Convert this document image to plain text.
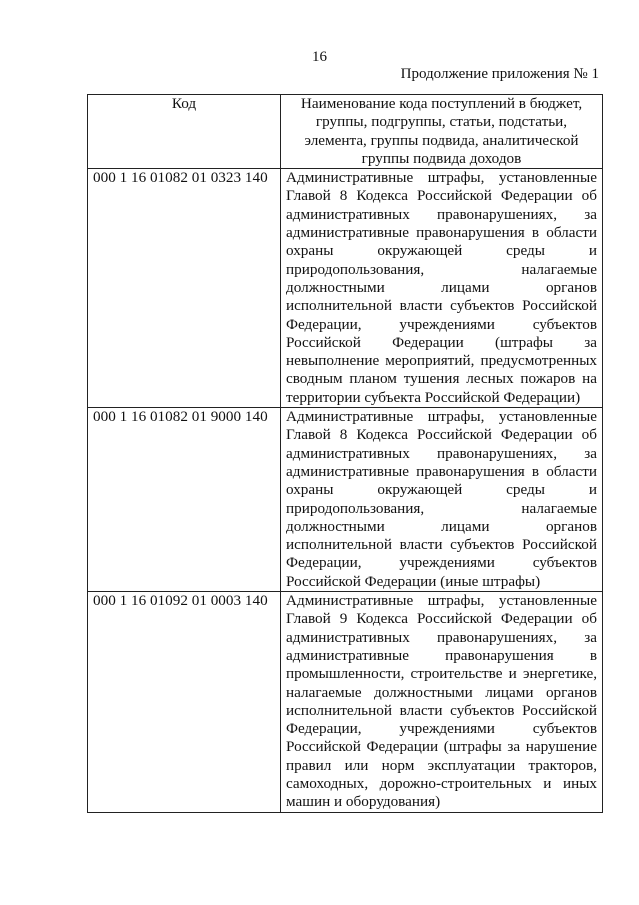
16
Продолжение приложения № 1
Код	Наименование кода поступлений в бюджет, группы, подгруппы, статьи, подстатьи, элемента, группы подвида, аналитической группы подвида доходов
000 1 16 01082 01 0323 140	Административные штрафы, установленные Главой 8 Кодекса Российской Федерации об административных правонарушениях, за административные правонарушения в области охраны окружающей среды и природопользования, налагаемые должностными лицами органов исполнительной власти субъектов Российской Федерации, учреждениями субъектов Российской Федерации (штрафы за невыполнение мероприятий, предусмотренных сводным планом тушения лесных пожаров на территории субъекта Российской Федерации)
000 1 16 01082 01 9000 140	Административные штрафы, установленные Главой 8 Кодекса Российской Федерации об административных правонарушениях, за административные правонарушения в области охраны окружающей среды и природопользования, налагаемые должностными лицами органов исполнительной власти субъектов Российской Федерации, учреждениями субъектов Российской Федерации (иные штрафы)
000 1 16 01092 01 0003 140	Административные штрафы, установленные Главой 9 Кодекса Российской Федерации об административных правонарушениях, за административные правонарушения в промышленности, строительстве и энергетике, налагаемые должностными лицами органов исполнительной власти субъектов Российской Федерации, учреждениями субъектов Российской Федерации (штрафы за нарушение правил или норм эксплуатации тракторов, самоходных, дорожно-строительных и иных машин и оборудования)
